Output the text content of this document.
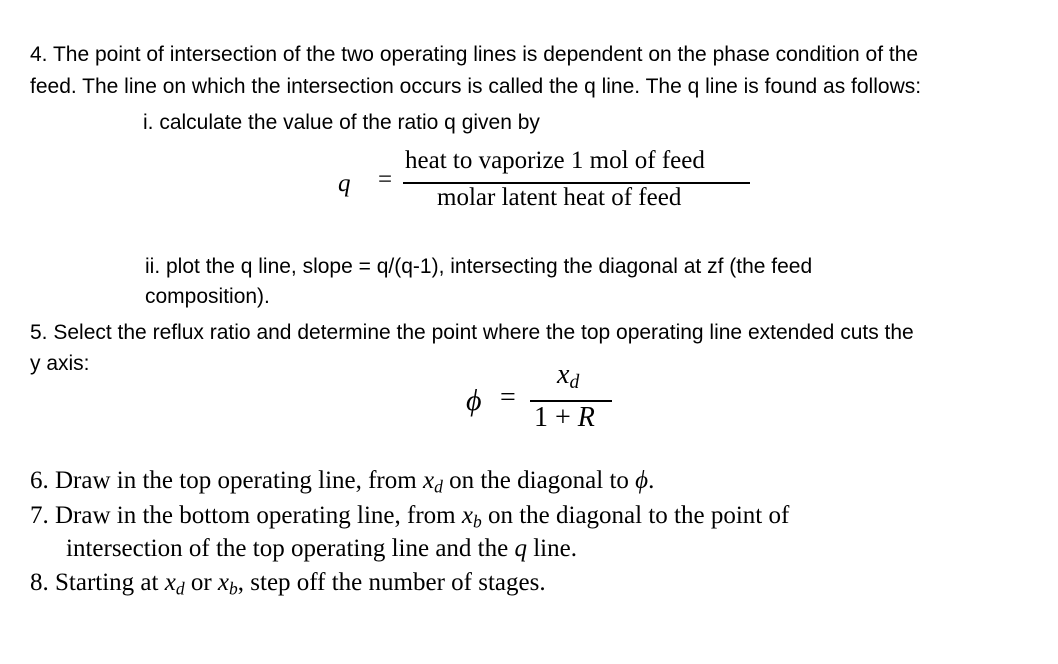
4. The point of intersection of the two operating lines is dependent on the phase condition of the
feed. The line on which the intersection occurs is called the q line. The q line is found as follows:
i. calculate the value of the ratio q given by
q =
heat to vaporize 1 mol of feed
molar latent heat of feed
ii. plot the q line, slope = q/(q-1), intersecting the diagonal at zf (the feed
composition).
5. Select the reflux ratio and determine the point where the top operating line extended cuts the
y axis:
ϕ =
$x_d$
1 + R
6. Draw in the top operating line, from $x_d$ on the diagonal to ϕ.
7. Draw in the bottom operating line, from $x_b$ on the diagonal to the point of
intersection of the top operating line and the q line.
8. Starting at $x_d$ or $x_b$, step off the number of stages.
